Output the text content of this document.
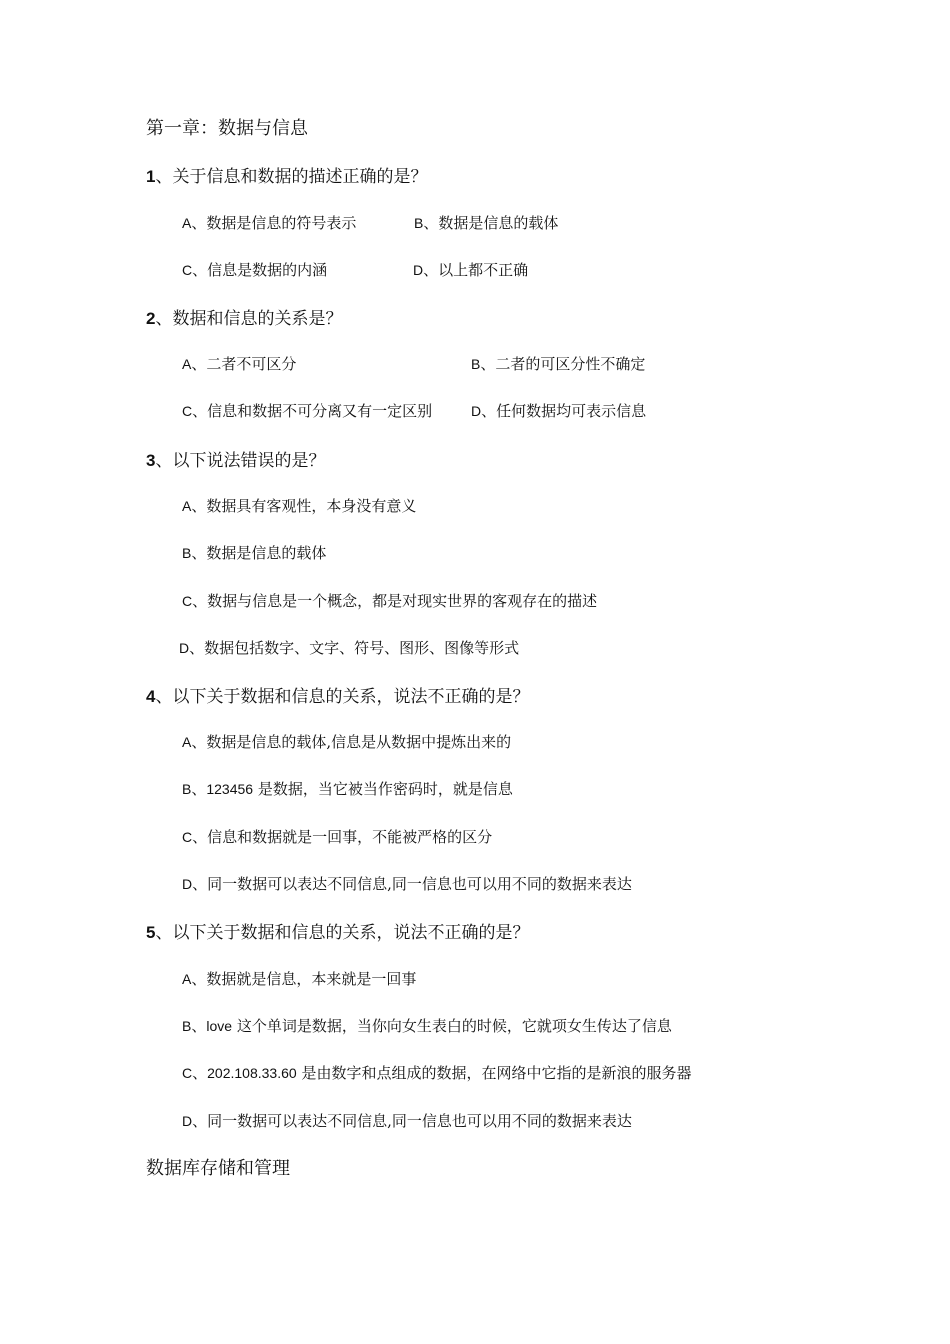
第一章：数据与信息
1、关于信息和数据的描述正确的是？
A、数据是信息的符号表示	B、数据是信息的载体
C、信息是数据的内涵	D、以上都不正确
2、数据和信息的关系是？
A、二者不可区分	B、二者的可区分性不确定
C、信息和数据不可分离又有一定区别	D、任何数据均可表示信息
3、以下说法错误的是？
A、数据具有客观性，本身没有意义
B、数据是信息的载体
C、数据与信息是一个概念，都是对现实世界的客观存在的描述
D、数据包括数字、文字、符号、图形、图像等形式
4、以下关于数据和信息的关系，说法不正确的是？
A、数据是信息的载体,信息是从数据中提炼出来的
B、123456 是数据，当它被当作密码时，就是信息
C、信息和数据就是一回事，不能被严格的区分
D、同一数据可以表达不同信息,同一信息也可以用不同的数据来表达
5、以下关于数据和信息的关系，说法不正确的是？
A、数据就是信息，本来就是一回事
B、love 这个单词是数据，当你向女生表白的时候，它就项女生传达了信息
C、202.108.33.60 是由数字和点组成的数据，在网络中它指的是新浪的服务器
D、同一数据可以表达不同信息,同一信息也可以用不同的数据来表达
数据库存储和管理
